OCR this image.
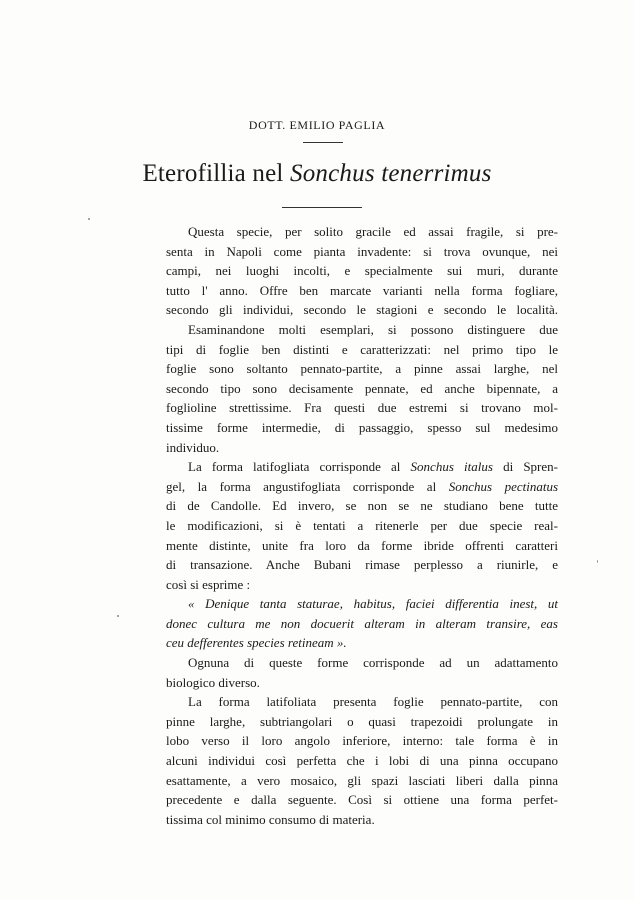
DOTT. EMILIO PAGLIA
Eterofillia nel Sonchus tenerrimus
Questa specie, per solito gracile ed assai fragile, si pre-
senta in Napoli come pianta invadente: si trova ovunque, nei
campi, nei luoghi incolti, e specialmente sui muri, durante
tutto l' anno. Offre ben marcate varianti nella forma fogliare,
secondo gli individui, secondo le stagioni e secondo le località.
Esaminandone molti esemplari, si possono distinguere due
tipi di foglie ben distinti e caratterizzati: nel primo tipo le
foglie sono soltanto pennato-partite, a pinne assai larghe, nel
secondo tipo sono decisamente pennate, ed anche bipennate, a
foglioline strettissime. Fra questi due estremi si trovano mol-
tissime forme intermedie, di passaggio, spesso sul medesimo
individuo.
La forma latifogliata corrisponde al Sonchus italus di Spren-
gel, la forma angustifogliata corrisponde al Sonchus pectinatus
di de Candolle. Ed invero, se non se ne studiano bene tutte
le modificazioni, si è tentati a ritenerle per due specie real-
mente distinte, unite fra loro da forme ibride offrenti caratteri
di transazione. Anche Bubani rimase perplesso a riunirle, e
così si esprime :
« Denique tanta staturae, habitus, faciei differentia inest, ut
donec cultura me non docuerit alteram in alteram transire, eas
ceu defferentes species retineam ».
Ognuna di queste forme corrisponde ad un adattamento
biologico diverso.
La forma latifoliata presenta foglie pennato-partite, con
pinne larghe, subtriangolari o quasi trapezoidi prolungate in
lobo verso il loro angolo inferiore, interno: tale forma è in
alcuni individui così perfetta che i lobi di una pinna occupano
esattamente, a vero mosaico, gli spazi lasciati liberi dalla pinna
precedente e dalla seguente. Così si ottiene una forma perfet-
tissima col minimo consumo di materia.
